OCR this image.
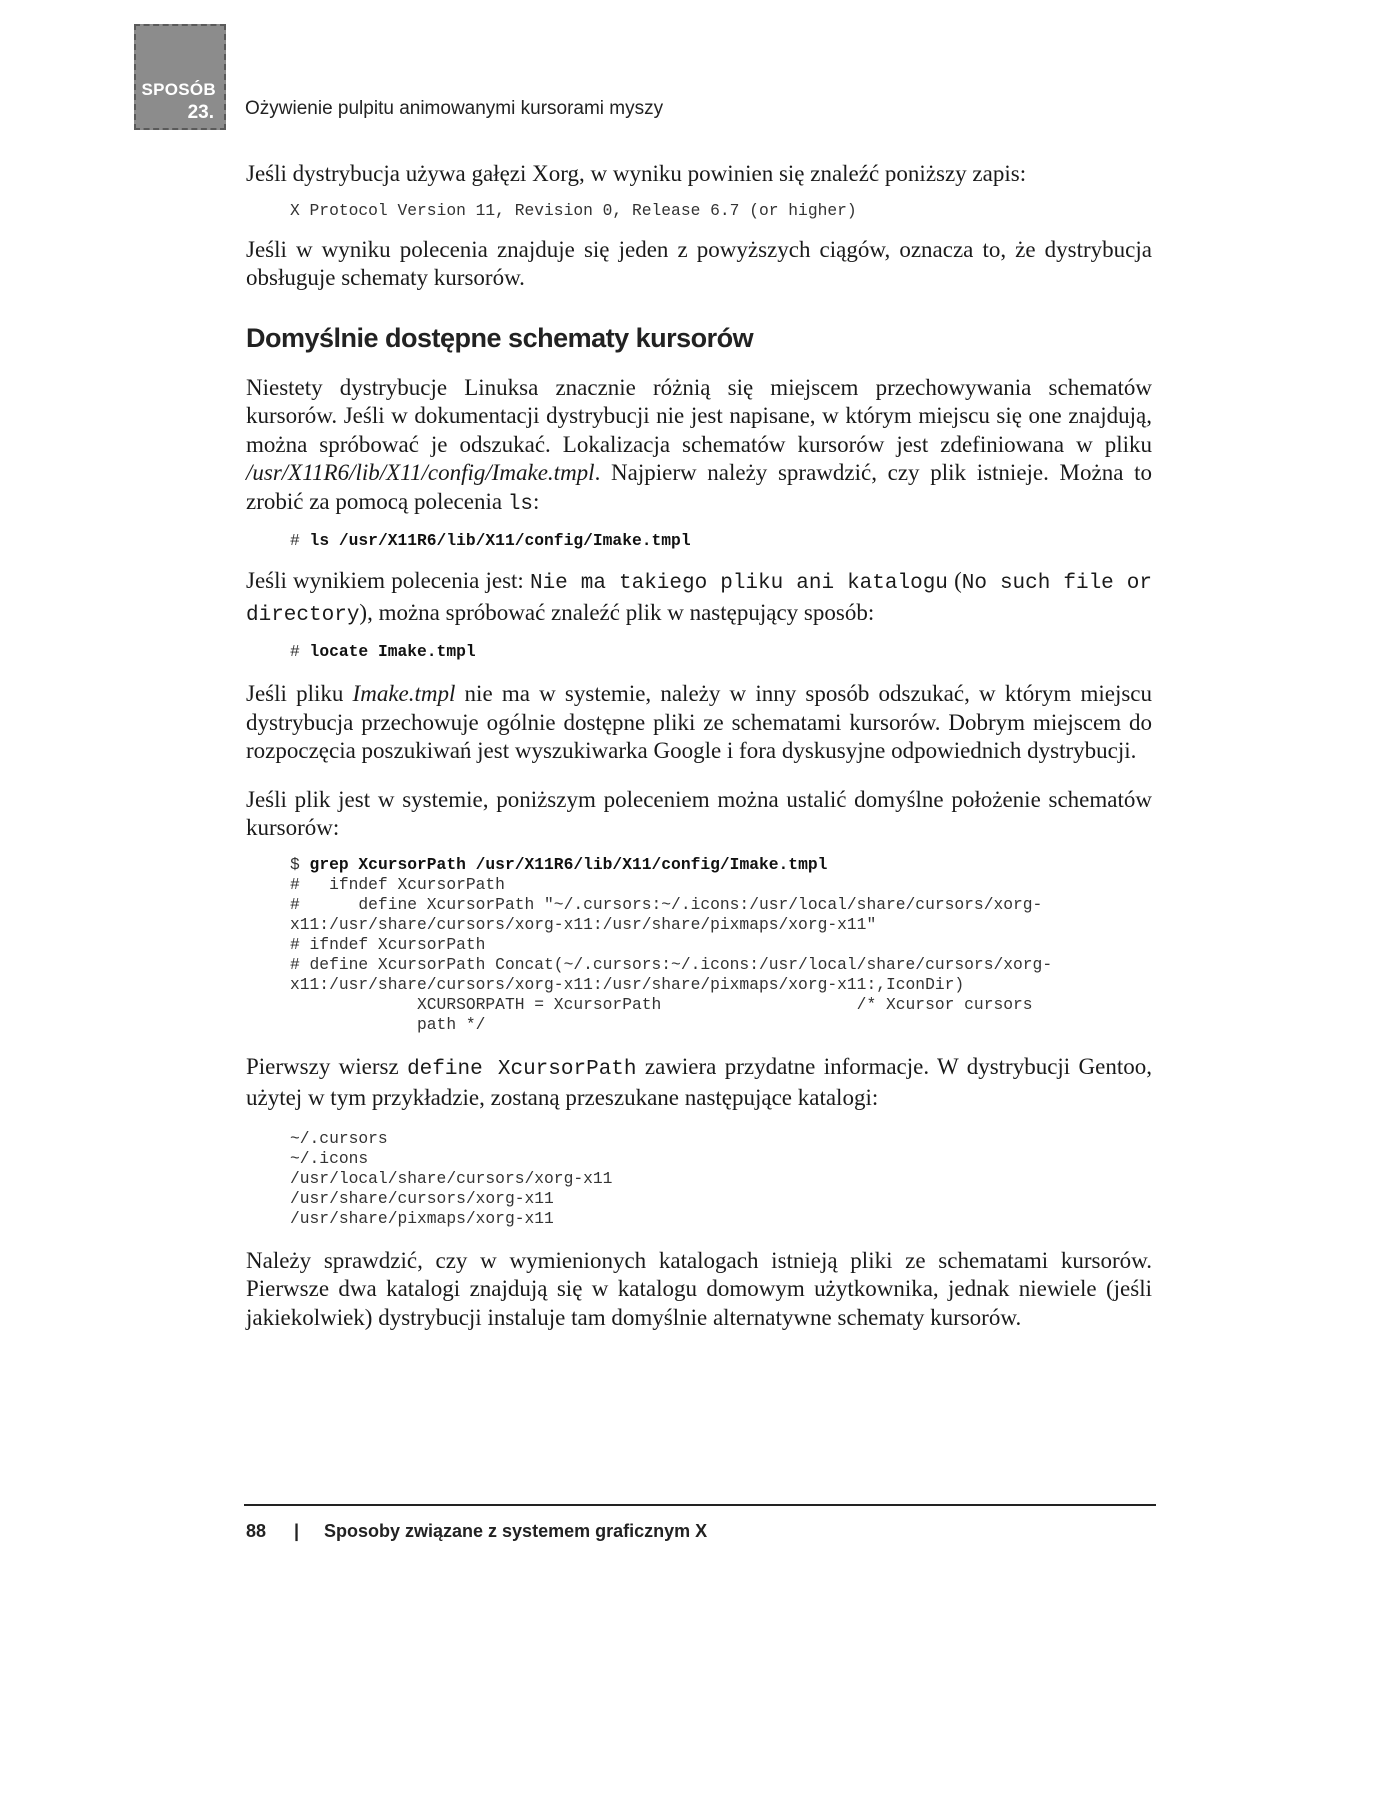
SPOSÓB
23. Ożywienie pulpitu animowanymi kursorami myszy

Jeśli dystrybucja używa gałęzi Xorg, w wyniku powinien się znaleźć poniższy zapis:

X Protocol Version 11, Revision 0, Release 6.7 (or higher)

Jeśli w wyniku polecenia znajduje się jeden z powyższych ciągów, oznacza to, że dystrybucja obsługuje schematy kursorów.

Domyślnie dostępne schematy kursorów

Niestety dystrybucje Linuksa znacznie różnią się miejscem przechowywania schematów kursorów. Jeśli w dokumentacji dystrybucji nie jest napisane, w którym miejscu się one znajdują, można spróbować je odszukać. Lokalizacja schematów kursorów jest zdefiniowana w pliku /usr/X11R6/lib/X11/config/Imake.tmpl. Najpierw należy sprawdzić, czy plik istnieje. Można to zrobić za pomocą polecenia ls:

# ls /usr/X11R6/lib/X11/config/Imake.tmpl

Jeśli wynikiem polecenia jest: Nie ma takiego pliku ani katalogu (No such file or directory), można spróbować znaleźć plik w następujący sposób:

# locate Imake.tmpl

Jeśli pliku Imake.tmpl nie ma w systemie, należy w inny sposób odszukać, w którym miejscu dystrybucja przechowuje ogólnie dostępne pliki ze schematami kursorów. Dobrym miejscem do rozpoczęcia poszukiwań jest wyszukiwarka Google i fora dyskusyjne odpowiednich dystrybucji.

Jeśli plik jest w systemie, poniższym poleceniem można ustalić domyślne położenie schematów kursorów:

$ grep XcursorPath /usr/X11R6/lib/X11/config/Imake.tmpl
#   ifndef XcursorPath
#      define XcursorPath "~/.cursors:~/.icons:/usr/local/share/cursors/xorg-
x11:/usr/share/cursors/xorg-x11:/usr/share/pixmaps/xorg-x11"
# ifndef XcursorPath
# define XcursorPath Concat(~/.cursors:~/.icons:/usr/local/share/cursors/xorg-
x11:/usr/share/cursors/xorg-x11:/usr/share/pixmaps/xorg-x11:,IconDir)
XCURSORPATH = XcursorPath                    /* Xcursor cursors
path */

Pierwszy wiersz define XcursorPath zawiera przydatne informacje. W dystrybucji Gentoo, użytej w tym przykładzie, zostaną przeszukane następujące katalogi:

~/.cursors
~/.icons
/usr/local/share/cursors/xorg-x11
/usr/share/cursors/xorg-x11
/usr/share/pixmaps/xorg-x11

Należy sprawdzić, czy w wymienionych katalogach istnieją pliki ze schematami kursorów. Pierwsze dwa katalogi znajdują się w katalogu domowym użytkownika, jednak niewiele (jeśli jakiekolwiek) dystrybucji instaluje tam domyślnie alternatywne schematy kursorów.

88 | Sposoby związane z systemem graficznym X
